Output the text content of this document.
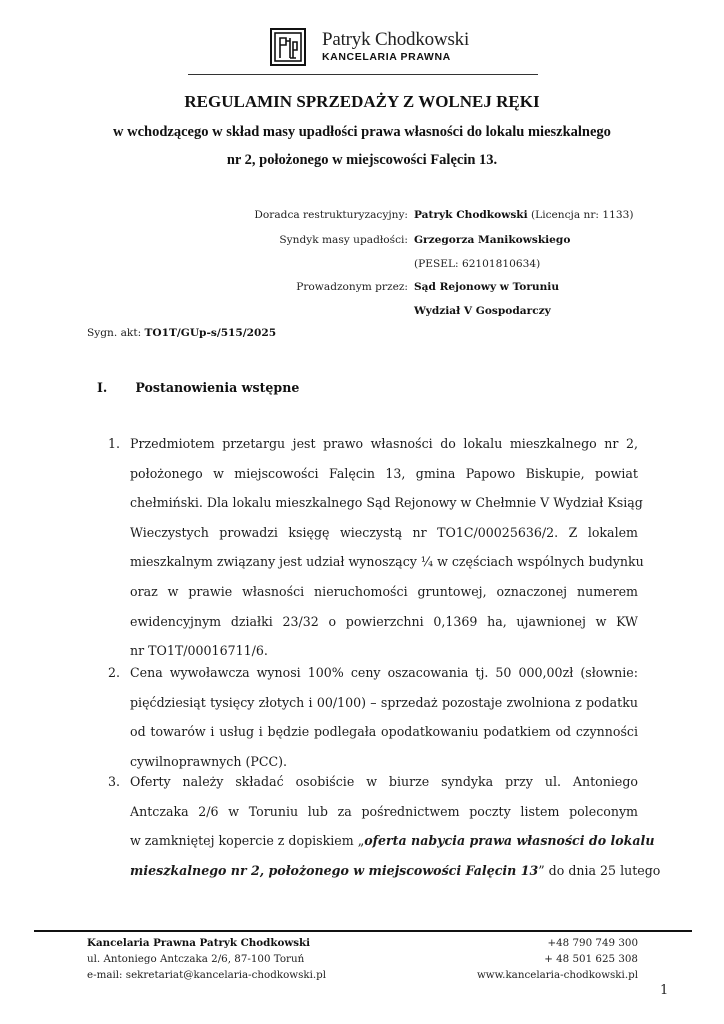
Patryk Chodkowski
KANCELARIA PRAWNA
REGULAMIN SPRZEDAŻY Z WOLNEJ RĘKI
w wchodzącego w skład masy upadłości prawa własności do lokalu mieszkalnego
nr 2, położonego w miejscowości Falęcin 13.
Doradca restrukturyzacyjny: Patryk Chodkowski (Licencja nr: 1133)
Syndyk masy upadłości: Grzegorza Manikowskiego
(PESEL: 62101810634)
Prowadzonym przez: Sąd Rejonowy w Toruniu
Wydział V Gospodarczy
Sygn. akt: TO1T/GUp-s/515/2025
I. Postanowienia wstępne
1. Przedmiotem przetargu jest prawo własności do lokalu mieszkalnego nr 2,
położonego w miejscowości Falęcin 13, gmina Papowo Biskupie, powiat
chełmiński. Dla lokalu mieszkalnego Sąd Rejonowy w Chełmnie V Wydział Ksiąg
Wieczystych prowadzi księgę wieczystą nr TO1C/00025636/2. Z lokalem
mieszkalnym związany jest udział wynoszący ¼ w częściach wspólnych budynku
oraz w prawie własności nieruchomości gruntowej, oznaczonej numerem
ewidencyjnym działki 23/32 o powierzchni 0,1369 ha, ujawnionej w KW
nr TO1T/00016711/6.
2. Cena wywoławcza wynosi 100% ceny oszacowania tj. 50 000,00zł (słownie:
pięćdziesiąt tysięcy złotych i 00/100) – sprzedaż pozostaje zwolniona z podatku
od towarów i usług i będzie podlegała opodatkowaniu podatkiem od czynności
cywilnoprawnych (PCC).
3. Oferty należy składać osobiście w biurze syndyka przy ul. Antoniego
Antczaka 2/6 w Toruniu lub za pośrednictwem poczty listem poleconym
w zamkniętej kopercie z dopiskiem „oferta nabycia prawa własności do lokalu
mieszkalnego nr 2, położonego w miejscowości Falęcin 13” do dnia 25 lutego
Kancelaria Prawna Patryk Chodkowski
ul. Antoniego Antczaka 2/6, 87-100 Toruń
e-mail: sekretariat@kancelaria-chodkowski.pl
+48 790 749 300
+ 48 501 625 308
www.kancelaria-chodkowski.pl
1
